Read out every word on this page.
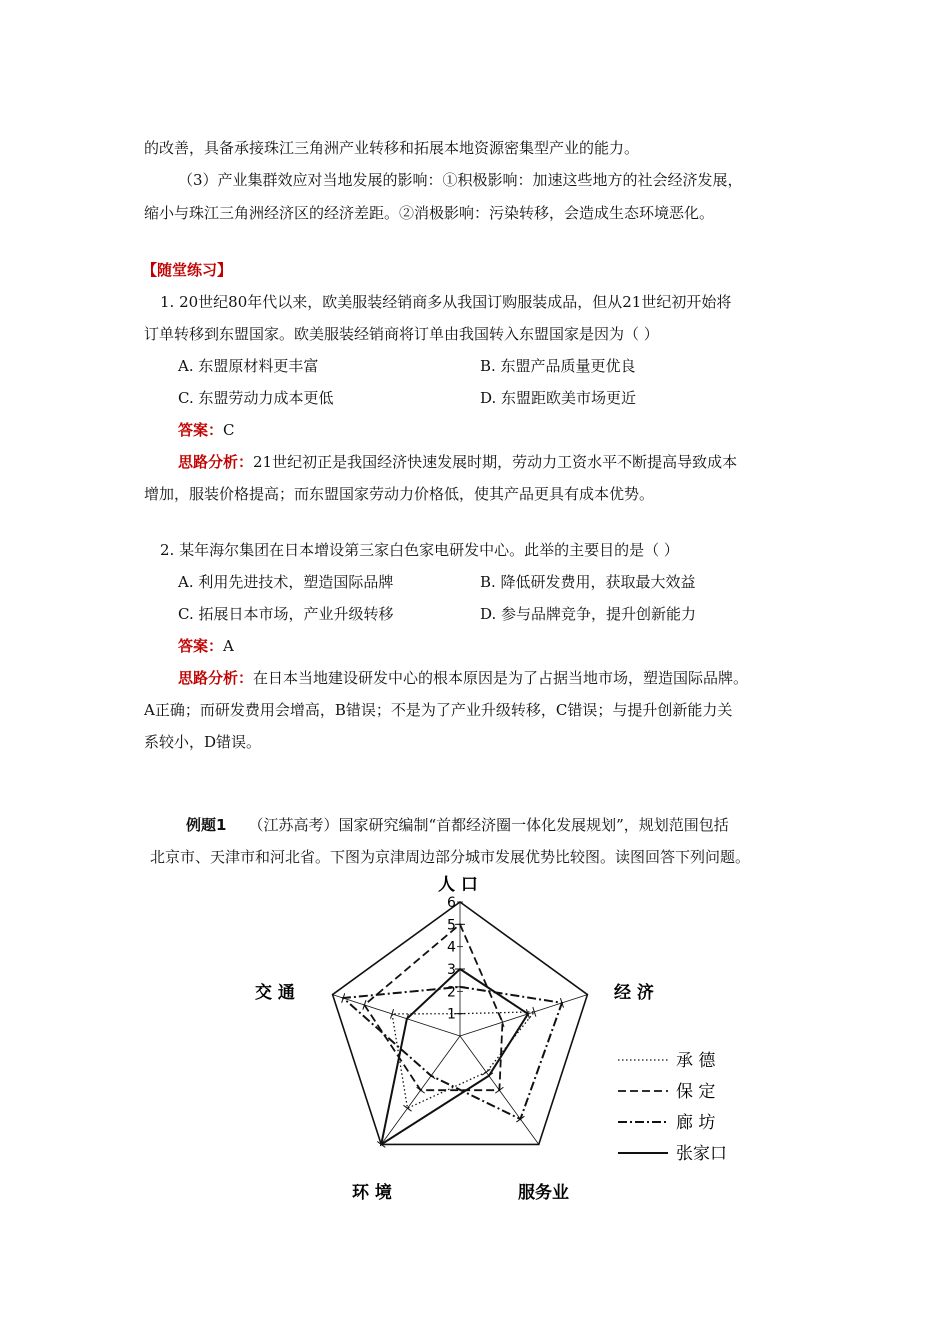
的改善，具备承接珠江三角洲产业转移和拓展本地资源密集型产业的能力。
（3）产业集群效应对当地发展的影响：①积极影响：加速这些地方的社会经济发展，
缩小与珠江三角洲经济区的经济差距。②消极影响：污染转移，会造成生态环境恶化。
【随堂练习】
1. 20世纪80年代以来，欧美服装经销商多从我国订购服装成品，但从21世纪初开始将
订单转移到东盟国家。欧美服装经销商将订单由我国转入东盟国家是因为（ ）
A. 东盟原材料更丰富	B. 东盟产品质量更优良
C. 东盟劳动力成本更低	D. 东盟距欧美市场更近
答案：C
思路分析：21世纪初正是我国经济快速发展时期，劳动力工资水平不断提高导致成本
增加，服装价格提高；而东盟国家劳动力价格低，使其产品更具有成本优势。
2. 某年海尔集团在日本增设第三家白色家电研发中心。此举的主要目的是（ ）
A. 利用先进技术，塑造国际品牌	B. 降低研发费用，获取最大效益
C. 拓展日本市场，产业升级转移	D. 参与品牌竞争，提升创新能力
答案：A
思路分析：在日本当地建设研发中心的根本原因是为了占据当地市场，塑造国际品牌。
A正确；而研发费用会增高，B错误；不是为了产业升级转移，C错误；与提升创新能力关
系较小，D错误。
例题1 （江苏高考）国家研究编制“首都经济圈一体化发展规划”，规划范围包括
北京市、天津市和河北省。下图为京津周边部分城市发展优势比较图。读图回答下列问题。
1
2
3
4
5
6
人 口
经 济
服务业
环 境
交 通
承 德
保 定
廊 坊
张家口
